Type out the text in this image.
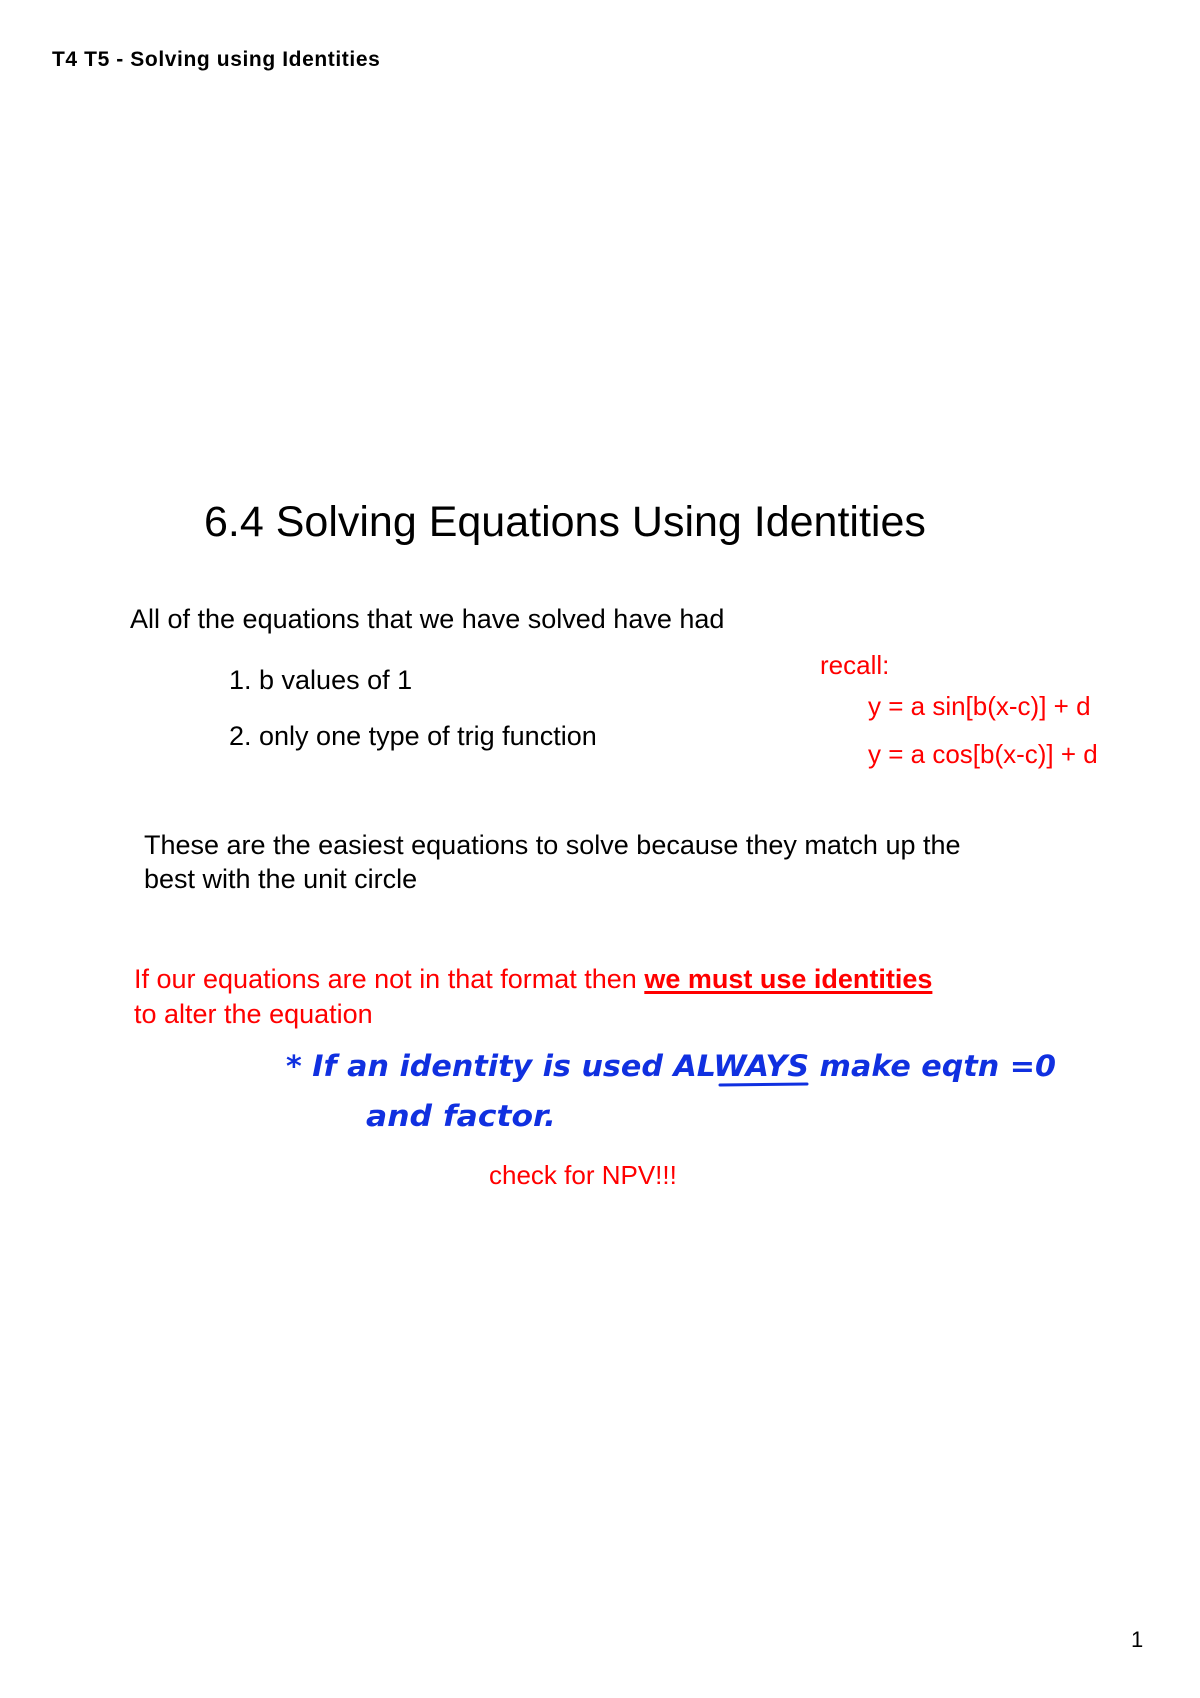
T4 T5 - Solving using Identities
6.4 Solving Equations Using Identities
All of the equations that we have solved have had
1. b values of 1
2. only one type of trig function
recall:
y = a sin[b(x-c)] + d
y = a cos[b(x-c)] + d
These are the easiest equations to solve because they match up the
best with the unit circle
If our equations are not in that format then we must use identities
to alter the equation
* If an identity is used ALWAYS make eqtn =0
and factor.
check for NPV!!!
1
